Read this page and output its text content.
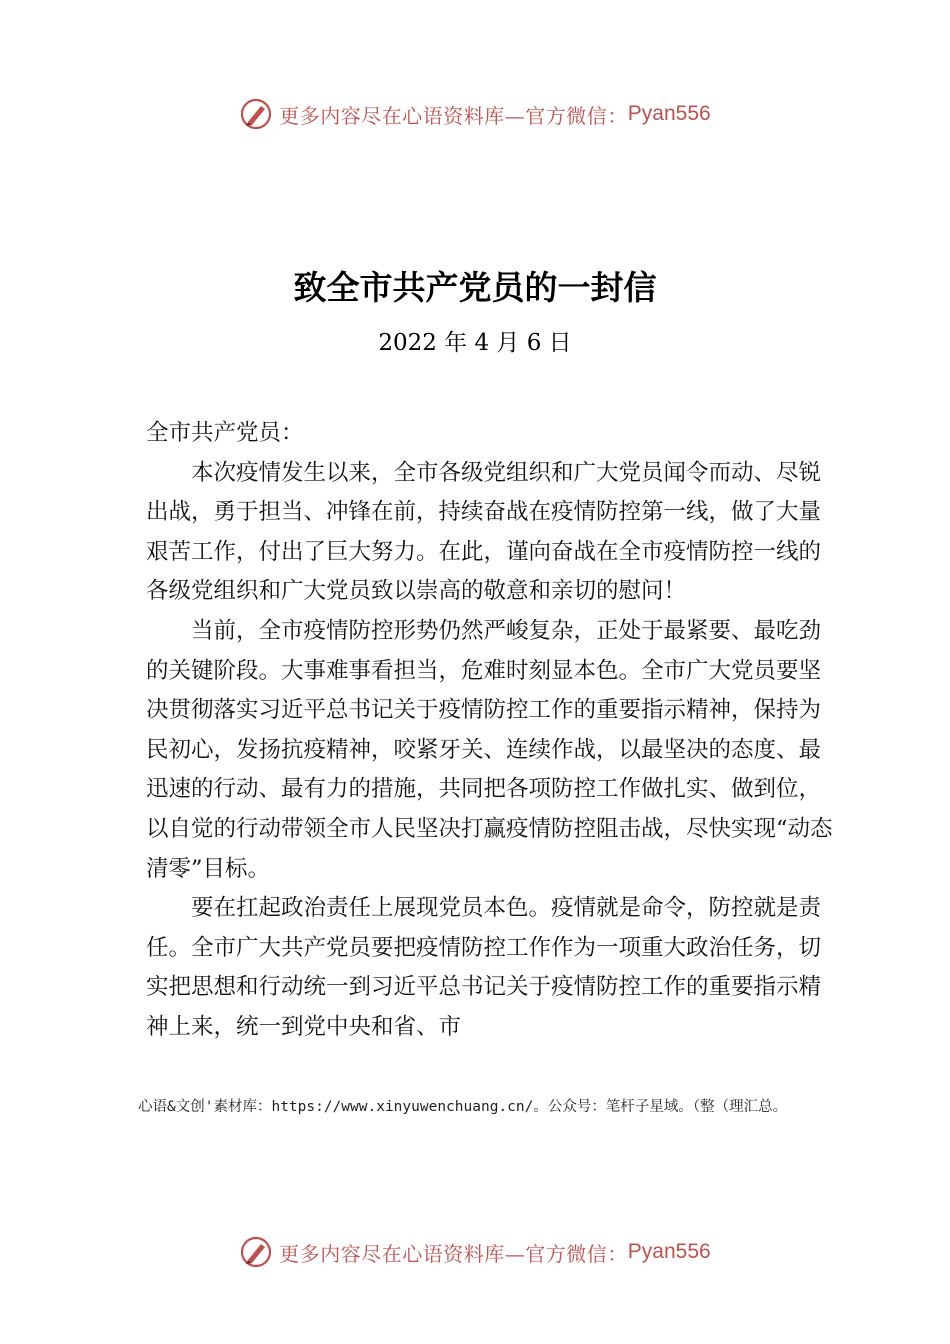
更多内容尽在心语资料库—官方微信： Pyan556
致全市共产党员的一封信
2022 年 4 月 6 日

全市共产党员：

本次疫情发生以来，全市各级党组织和广大党员闻令而动、尽锐出战，勇于担当、冲锋在前，持续奋战在疫情防控第一线，做了大量艰苦工作，付出了巨大努力。在此，谨向奋战在全市疫情防控一线的各级党组织和广大党员致以崇高的敬意和亲切的慰问！

当前，全市疫情防控形势仍然严峻复杂，正处于最紧要、最吃劲的关键阶段。大事难事看担当，危难时刻显本色。全市广大党员要坚决贯彻落实习近平总书记关于疫情防控工作的重要指示精神，保持为民初心，发扬抗疫精神，咬紧牙关、连续作战，以最坚决的态度、最迅速的行动、最有力的措施，共同把各项防控工作做扎实、做到位，以自觉的行动带领全市人民坚决打赢疫情防控阻击战，尽快实现“动态清零”目标。

要在扛起政治责任上展现党员本色。疫情就是命令，防控就是责任。全市广大共产党员要把疫情防控工作作为一项重大政治任务，切实把思想和行动统一到习近平总书记关于疫情防控工作的重要指示精神上来，统一到党中央和省、市

心语&文创'素材库：https://www.xinyuwenchuang.cn/。公众号：笔杆子星域。（整（理汇总。
更多内容尽在心语资料库—官方微信： Pyan556
